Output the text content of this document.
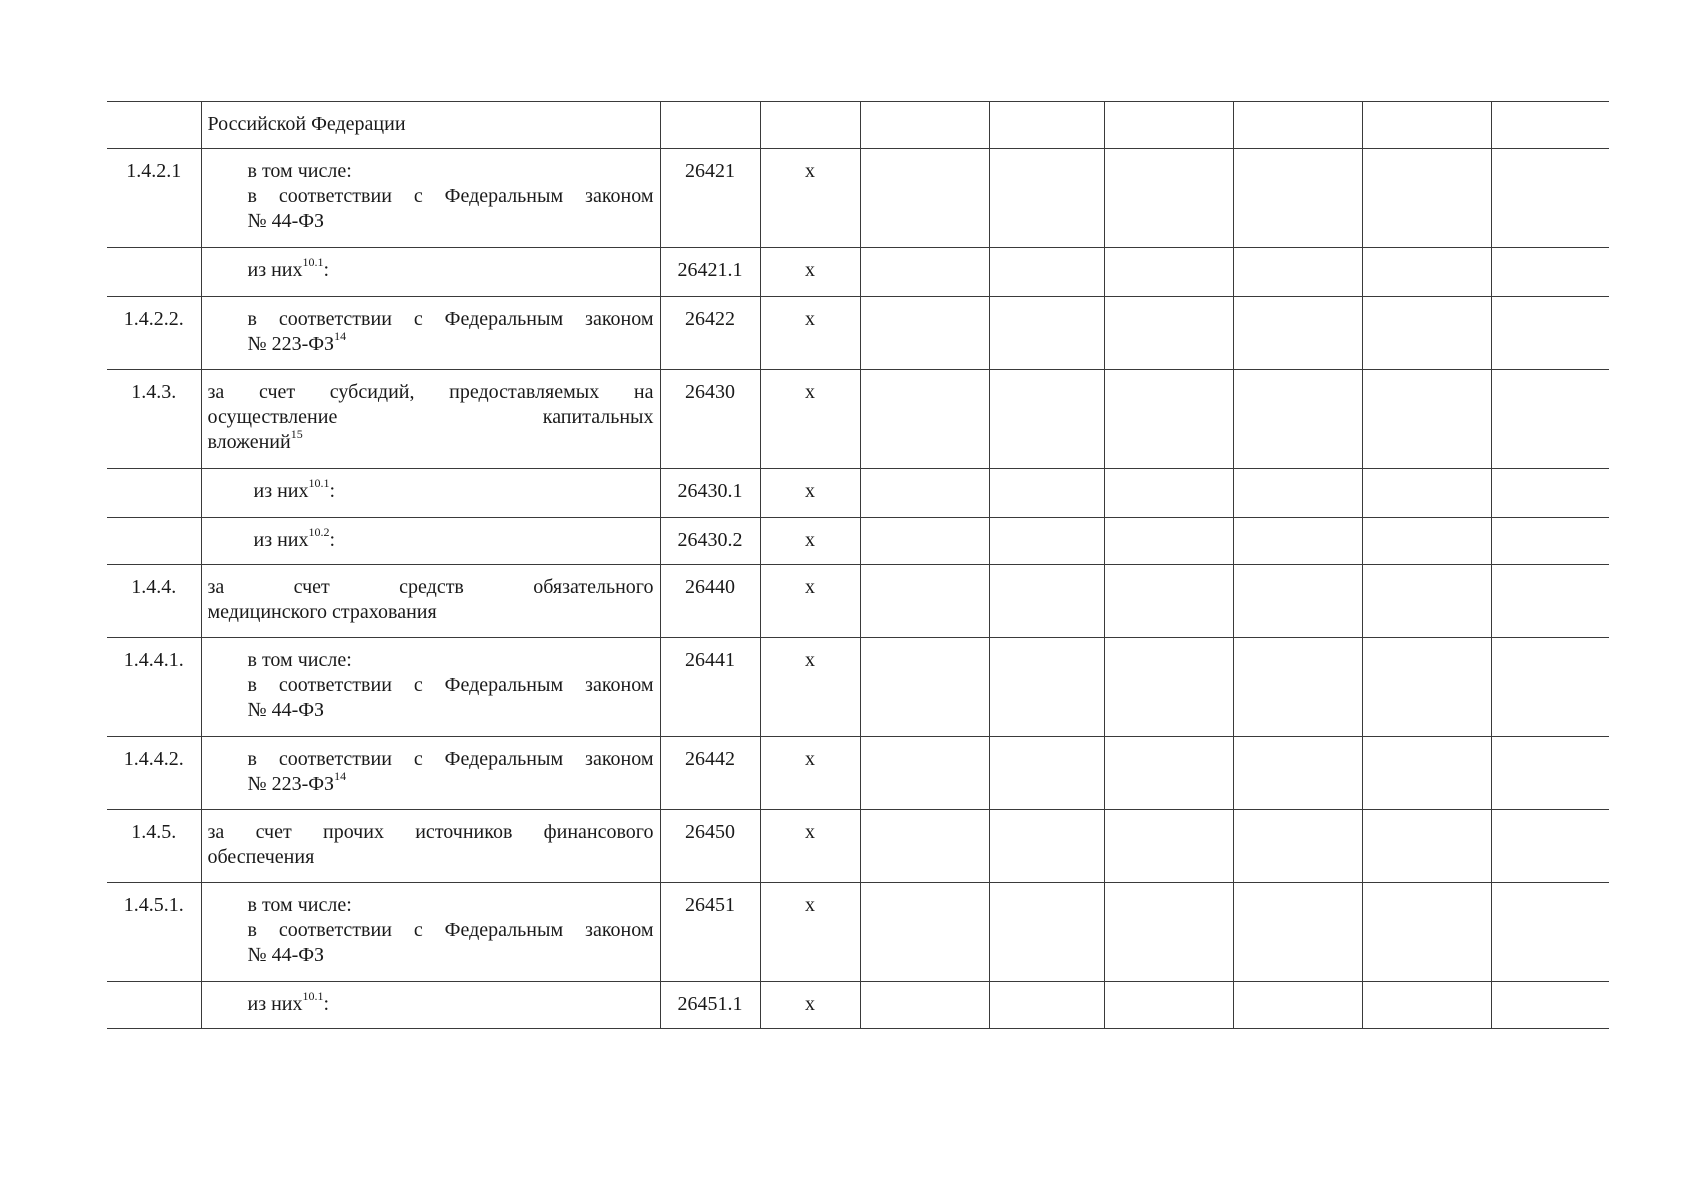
	Российской Федерации								

1.4.2.1	в том числе:
в соответствии с Федеральным законом
№ 44-ФЗ	26421	x						

	из них$^{10.1}$:	26421.1	x						
1.4.2.2.	в соответствии с Федеральным законом
№ 223-ФЗ$^{14}$	26422	x						
1.4.3.	за счет субсидий, предоставляемых на
осуществление капитальных
вложений$^{15}$	26430	x						

	из них$^{10.1}$:	26430.1	x						

	из них$^{10.2}$:	26430.2	x						
1.4.4.	за счет средств обязательного
медицинского страхования	26440	x						
1.4.4.1.	в том числе:
в соответствии с Федеральным законом
№ 44-ФЗ	26441	x						
1.4.4.2.	в соответствии с Федеральным законом
№ 223-ФЗ$^{14}$	26442	x						
1.4.5.	за счет прочих источников финансового
обеспечения	26450	x						
1.4.5.1.	в том числе:
в соответствии с Федеральным законом
№ 44-ФЗ	26451	x						

	из них$^{10.1}$:	26451.1	x						
